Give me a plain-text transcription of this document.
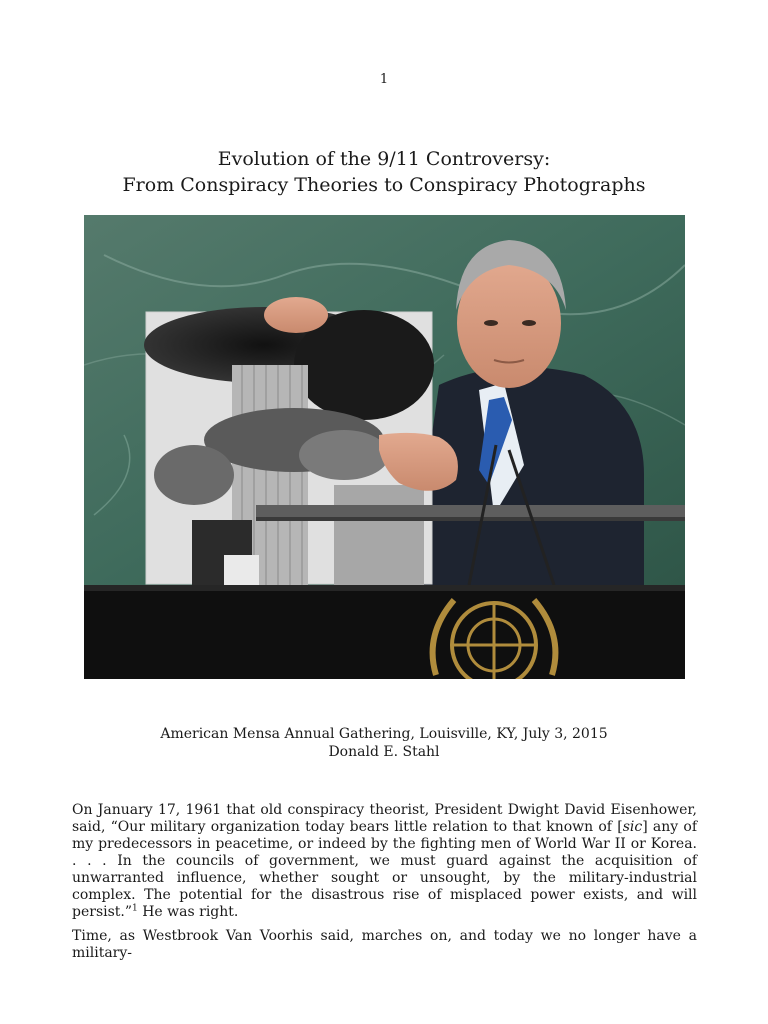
1
Evolution of the 9/11 Controversy:
From Conspiracy Theories to Conspiracy Photographs
American Mensa Annual Gathering, Louisville, KY, July 3, 2015
Donald E. Stahl

On January 17, 1961 that old conspiracy theorist, President Dwight David Eisenhower, said, “Our military organization today bears little relation to that known of [sic] any of my predecessors in peacetime, or indeed by the fighting men of World War II or Korea. . . . In the councils of government, we must guard against the acquisition of unwarranted influence, whether sought or unsought, by the military-industrial complex. The potential for the disastrous rise of misplaced power exists, and will persist.”$^1$ He was right.

Time, as Westbrook Van Voorhis said, marches on, and today we no longer have a military-
